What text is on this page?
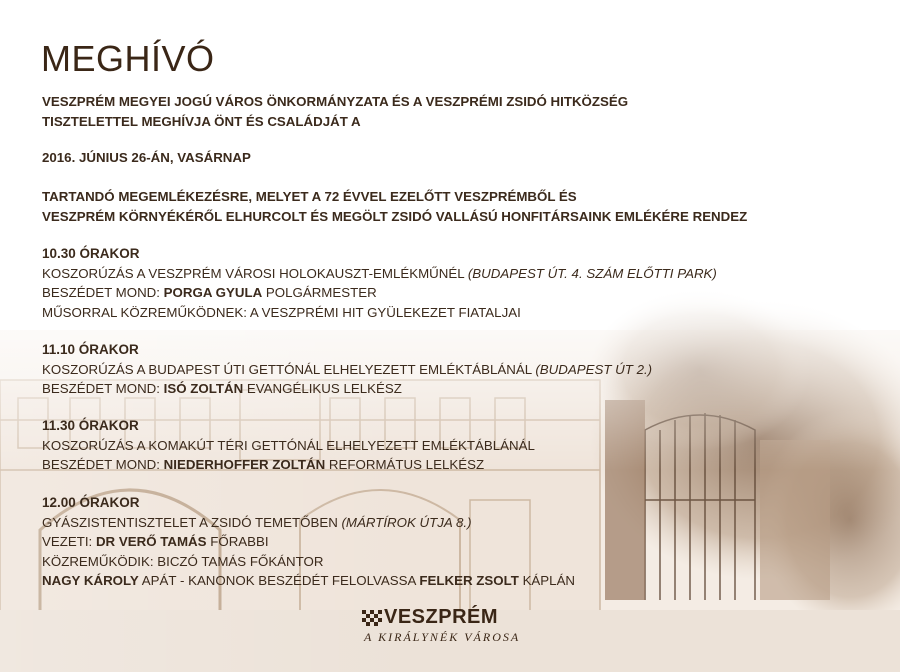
MEGHÍVÓ
VESZPRÉM MEGYEI JOGÚ VÁROS ÖNKORMÁNYZATA ÉS A VESZPRÉMI ZSIDÓ HITKÖZSÉG
TISZTELETTEL MEGHÍVJA ÖNT ÉS CSALÁDJÁT A
2016. JÚNIUS 26-ÁN, VASÁRNAP
TARTANDÓ MEGEMLÉKEZÉSRE, MELYET A 72 ÉVVEL EZELŐTT VESZPRÉMBŐL ÉS
VESZPRÉM KÖRNYÉKÉRŐL ELHURCOLT ÉS MEGÖLT ZSIDÓ VALLÁSÚ HONFITÁRSAINK EMLÉKÉRE RENDEZ
10.30 ÓRAKOR
KOSZORÚZÁS A VESZPRÉM VÁROSI HOLOKAUSZT-EMLÉKMŰNÉL (BUDAPEST ÚT. 4. SZÁM ELŐTTI PARK)
BESZÉDET MOND: PORGA GYULA POLGÁRMESTER
MŰSORRAL KÖZREMŰKÖDNEK: A VESZPRÉMI HIT GYÜLEKEZET FIATALJAI
11.10 ÓRAKOR
KOSZORÚZÁS A BUDAPEST ÚTI GETTÓNÁL ELHELYEZETT EMLÉKTÁBLÁNÁL (BUDAPEST ÚT 2.)
BESZÉDET MOND: ISÓ ZOLTÁN EVANGÉLIKUS LELKÉSZ
11.30 ÓRAKOR
KOSZORÚZÁS A KOMAKÚT TÉRI GETTÓNÁL ELHELYEZETT EMLÉKTÁBLÁNÁL
BESZÉDET MOND: NIEDERHOFFER ZOLTÁN REFORMÁTUS LELKÉSZ
12.00 ÓRAKOR
GYÁSZISTENTISZTELET A ZSIDÓ TEMETŐBEN (MÁRTÍROK ÚTJA 8.)
VEZETI: DR VERŐ TAMÁS FŐRABBI
KÖZREMŰKÖDIK: BICZÓ TAMÁS FŐKÁNTOR
NAGY KÁROLY APÁT - KANONOK BESZÉDÉT FELOLVASSA FELKER ZSOLT KÁPLÁN
VESZPRÉM
A KIRÁLYNÉK VÁROSA
